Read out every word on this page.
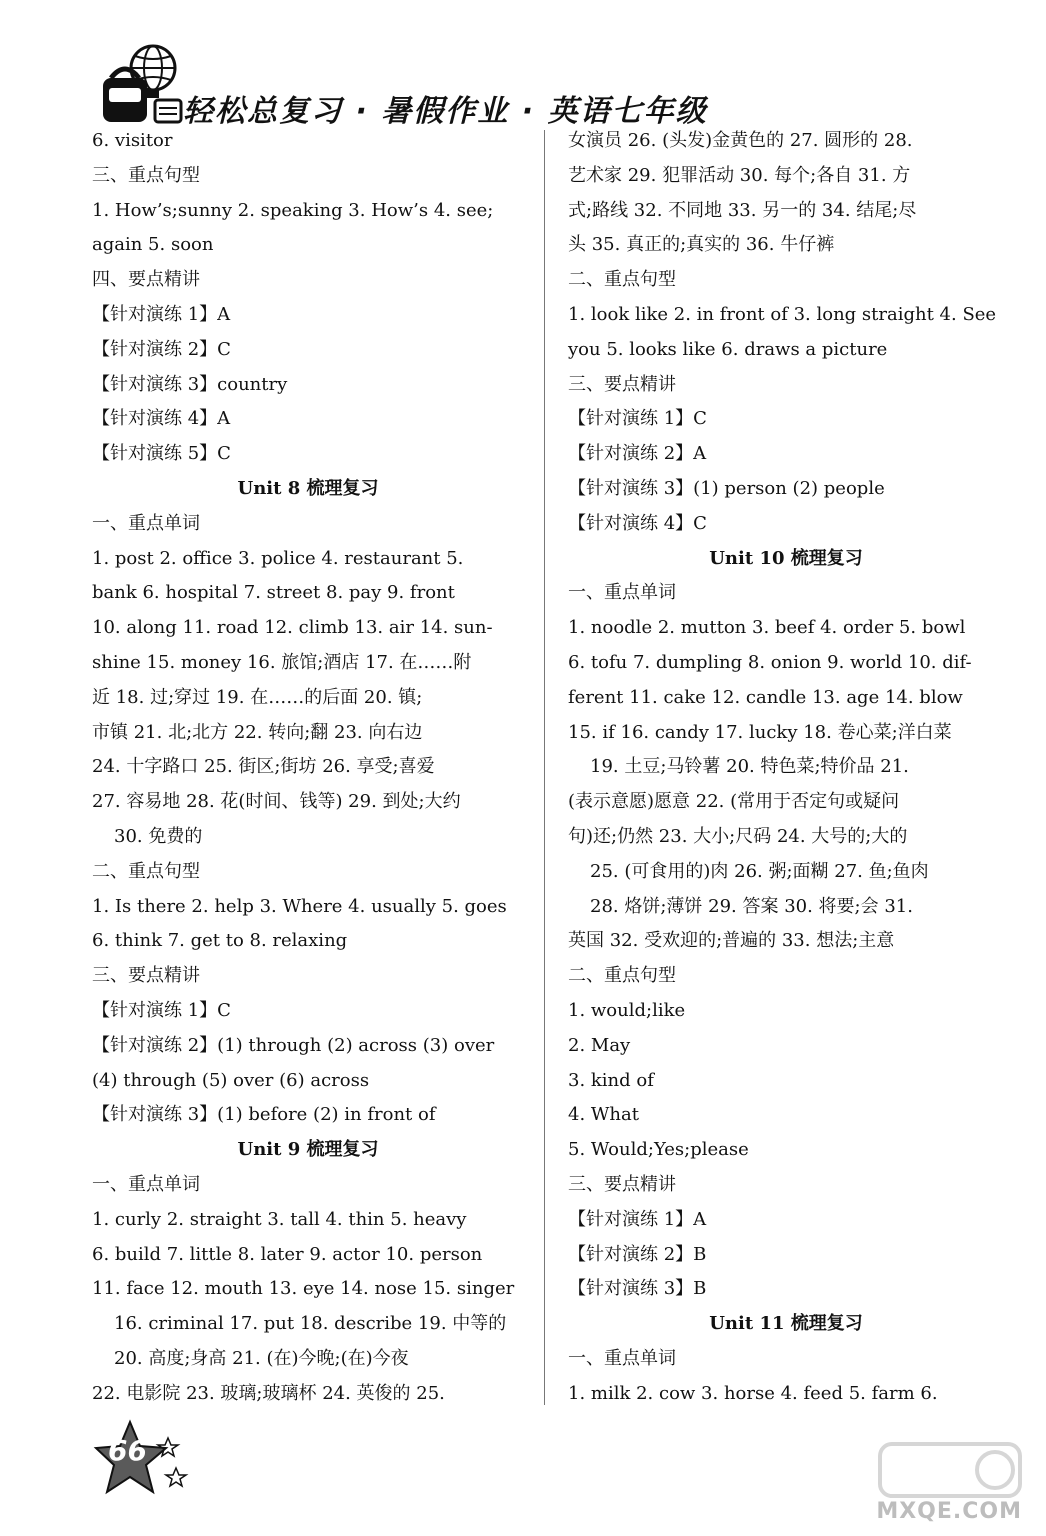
轻松总复习 · 暑假作业 · 英语七年级
6. visitor
三、重点句型
1. How’s;sunny 2. speaking 3. How’s 4. see;
again 5. soon
四、要点精讲
【针对演练 1】A
【针对演练 2】C
【针对演练 3】country
【针对演练 4】A
【针对演练 5】C
Unit 8 梳理复习
一、重点单词
1. post 2. office 3. police 4. restaurant 5.
bank 6. hospital 7. street 8. pay 9. front
10. along 11. road 12. climb 13. air 14. sun-
shine 15. money 16. 旅馆;酒店 17. 在……附
近 18. 过;穿过 19. 在……的后面 20. 镇;
市镇 21. 北;北方 22. 转向;翻 23. 向右边
24. 十字路口 25. 街区;街坊 26. 享受;喜爱
27. 容易地 28. 花(时间、钱等) 29. 到处;大约
30. 免费的
二、重点句型
1. Is there 2. help 3. Where 4. usually 5. goes
6. think 7. get to 8. relaxing
三、要点精讲
【针对演练 1】C
【针对演练 2】(1) through (2) across (3) over
(4) through (5) over (6) across
【针对演练 3】(1) before (2) in front of
Unit 9 梳理复习
一、重点单词
1. curly 2. straight 3. tall 4. thin 5. heavy
6. build 7. little 8. later 9. actor 10. person
11. face 12. mouth 13. eye 14. nose 15. singer
16. criminal 17. put 18. describe 19. 中等的
20. 高度;身高 21. (在)今晚;(在)今夜
22. 电影院 23. 玻璃;玻璃杯 24. 英俊的 25.
女演员 26. (头发)金黄色的 27. 圆形的 28.
艺术家 29. 犯罪活动 30. 每个;各自 31. 方
式;路线 32. 不同地 33. 另一的 34. 结尾;尽
头 35. 真正的;真实的 36. 牛仔裤
二、重点句型
1. look like 2. in front of 3. long straight 4. See
you 5. looks like 6. draws a picture
三、要点精讲
【针对演练 1】C
【针对演练 2】A
【针对演练 3】(1) person (2) people
【针对演练 4】C
Unit 10 梳理复习
一、重点单词
1. noodle 2. mutton 3. beef 4. order 5. bowl
6. tofu 7. dumpling 8. onion 9. world 10. dif-
ferent 11. cake 12. candle 13. age 14. blow
15. if 16. candy 17. lucky 18. 卷心菜;洋白菜
19. 土豆;马铃薯 20. 特色菜;特价品 21.
(表示意愿)愿意 22. (常用于否定句或疑问
句)还;仍然 23. 大小;尺码 24. 大号的;大的
25. (可食用的)肉 26. 粥;面糊 27. 鱼;鱼肉
28. 烙饼;薄饼 29. 答案 30. 将要;会 31.
英国 32. 受欢迎的;普遍的 33. 想法;主意
二、重点句型
1. would;like
2. May
3. kind of
4. What
5. Would;Yes;please
三、要点精讲
【针对演练 1】A
【针对演练 2】B
【针对演练 3】B
Unit 11 梳理复习
一、重点单词
1. milk 2. cow 3. horse 4. feed 5. farm 6.
66
MXQE.COM
